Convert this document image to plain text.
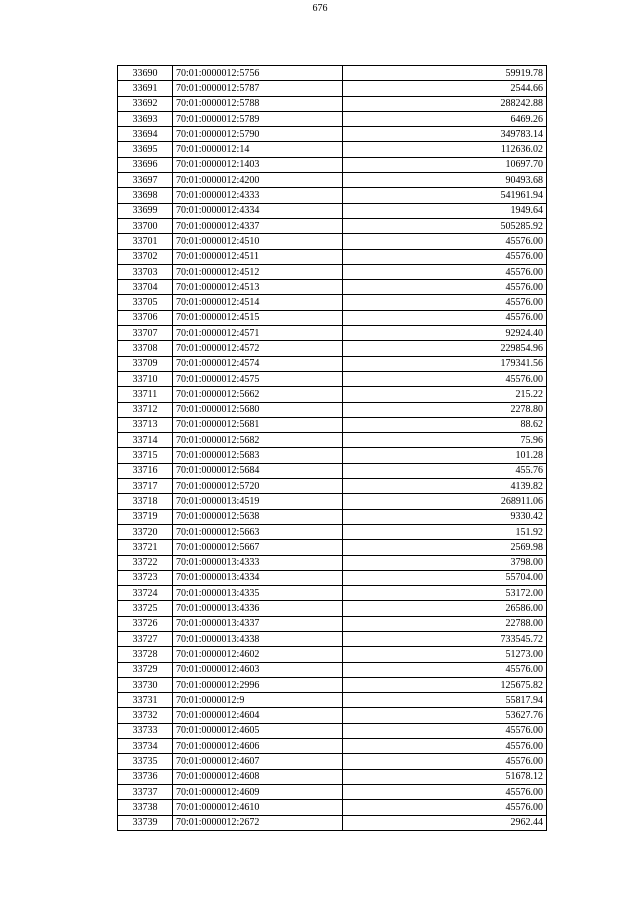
676
33690	70:01:0000012:5756	59919.78
33691	70:01:0000012:5787	2544.66
33692	70:01:0000012:5788	288242.88
33693	70:01:0000012:5789	6469.26
33694	70:01:0000012:5790	349783.14
33695	70:01:0000012:14	112636.02
33696	70:01:0000012:1403	10697.70
33697	70:01:0000012:4200	90493.68
33698	70:01:0000012:4333	541961.94
33699	70:01:0000012:4334	1949.64
33700	70:01:0000012:4337	505285.92
33701	70:01:0000012:4510	45576.00
33702	70:01:0000012:4511	45576.00
33703	70:01:0000012:4512	45576.00
33704	70:01:0000012:4513	45576.00
33705	70:01:0000012:4514	45576.00
33706	70:01:0000012:4515	45576.00
33707	70:01:0000012:4571	92924.40
33708	70:01:0000012:4572	229854.96
33709	70:01:0000012:4574	179341.56
33710	70:01:0000012:4575	45576.00
33711	70:01:0000012:5662	215.22
33712	70:01:0000012:5680	2278.80
33713	70:01:0000012:5681	88.62
33714	70:01:0000012:5682	75.96
33715	70:01:0000012:5683	101.28
33716	70:01:0000012:5684	455.76
33717	70:01:0000012:5720	4139.82
33718	70:01:0000013:4519	268911.06
33719	70:01:0000012:5638	9330.42
33720	70:01:0000012:5663	151.92
33721	70:01:0000012:5667	2569.98
33722	70:01:0000013:4333	3798.00
33723	70:01:0000013:4334	55704.00
33724	70:01:0000013:4335	53172.00
33725	70:01:0000013:4336	26586.00
33726	70:01:0000013:4337	22788.00
33727	70:01:0000013:4338	733545.72
33728	70:01:0000012:4602	51273.00
33729	70:01:0000012:4603	45576.00
33730	70:01:0000012:2996	125675.82
33731	70:01:0000012:9	55817.94
33732	70:01:0000012:4604	53627.76
33733	70:01:0000012:4605	45576.00
33734	70:01:0000012:4606	45576.00
33735	70:01:0000012:4607	45576.00
33736	70:01:0000012:4608	51678.12
33737	70:01:0000012:4609	45576.00
33738	70:01:0000012:4610	45576.00
33739	70:01:0000012:2672	2962.44
